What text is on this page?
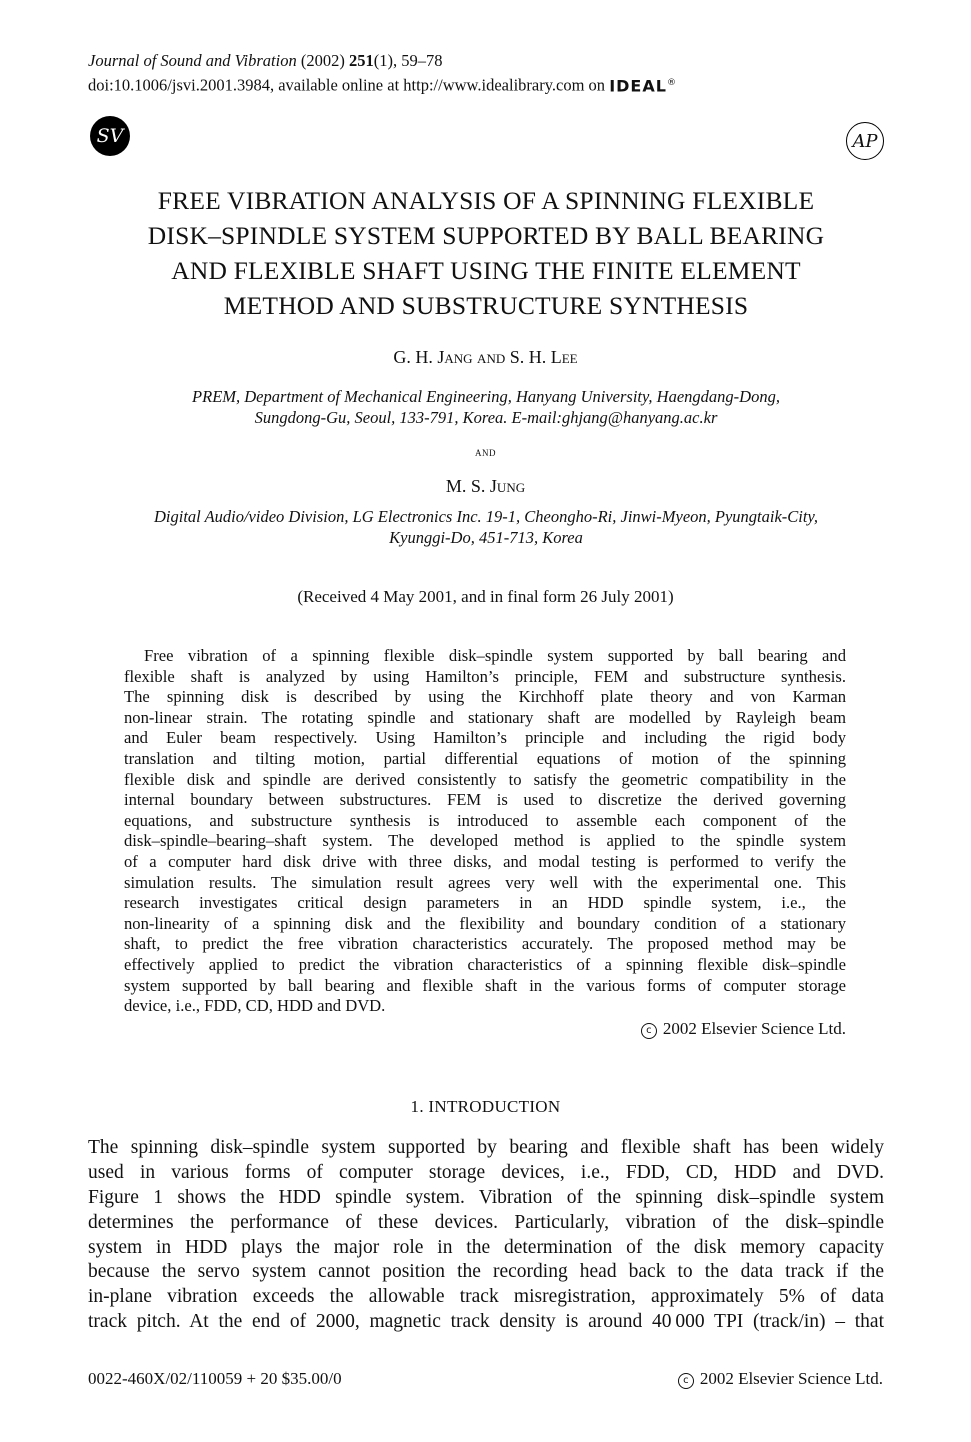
Journal of Sound and Vibration (2002) 251(1), 59–78
doi:10.1006/jsvi.2001.3984, available online at http://www.idealibrary.com on IDEAL®
SV	AP
FREE VIBRATION ANALYSIS OF A SPINNING FLEXIBLE
DISK–SPINDLE SYSTEM SUPPORTED BY BALL BEARING
AND FLEXIBLE SHAFT USING THE FINITE ELEMENT
METHOD AND SUBSTRUCTURE SYNTHESIS
G. H. Jang and S. H. Lee
PREM, Department of Mechanical Engineering, Hanyang University, Haengdang-Dong,
Sungdong-Gu, Seoul, 133-791, Korea. E-mail:ghjang@hanyang.ac.kr
and
M. S. Jung
Digital Audio/video Division, LG Electronics Inc. 19-1, Cheongho-Ri, Jinwi-Myeon, Pyungtaik-City,
Kyunggi-Do, 451-713, Korea
(Received 4 May 2001, and in final form 26 July 2001)
Free vibration of a spinning flexible disk–spindle system supported by ball bearing and
flexible shaft is analyzed by using Hamilton’s principle, FEM and substructure synthesis.
The spinning disk is described by using the Kirchhoff plate theory and von Karman
non-linear strain. The rotating spindle and stationary shaft are modelled by Rayleigh beam
and Euler beam respectively. Using Hamilton’s principle and including the rigid body
translation and tilting motion, partial differential equations of motion of the spinning
flexible disk and spindle are derived consistently to satisfy the geometric compatibility in the
internal boundary between substructures. FEM is used to discretize the derived governing
equations, and substructure synthesis is introduced to assemble each component of the
disk–spindle–bearing–shaft system. The developed method is applied to the spindle system
of a computer hard disk drive with three disks, and modal testing is performed to verify the
simulation results. The simulation result agrees very well with the experimental one. This
research investigates critical design parameters in an HDD spindle system, i.e., the
non-linearity of a spinning disk and the flexibility and boundary condition of a stationary
shaft, to predict the free vibration characteristics accurately. The proposed method may be
effectively applied to predict the vibration characteristics of a spinning flexible disk–spindle
system supported by ball bearing and flexible shaft in the various forms of computer storage
device, i.e., FDD, CD, HDD and DVD.
c 2002 Elsevier Science Ltd.
1. INTRODUCTION
The spinning disk–spindle system supported by bearing and flexible shaft has been widely
used in various forms of computer storage devices, i.e., FDD, CD, HDD and DVD.
Figure 1 shows the HDD spindle system. Vibration of the spinning disk–spindle system
determines the performance of these devices. Particularly, vibration of the disk–spindle
system in HDD plays the major role in the determination of the disk memory capacity
because the servo system cannot position the recording head back to the data track if the
in-plane vibration exceeds the allowable track misregistration, approximately 5% of data
track pitch. At the end of 2000, magnetic track density is around 40 000 TPI (track/in) – that
0022-460X/02/110059 + 20 $35.00/0	c 2002 Elsevier Science Ltd.
